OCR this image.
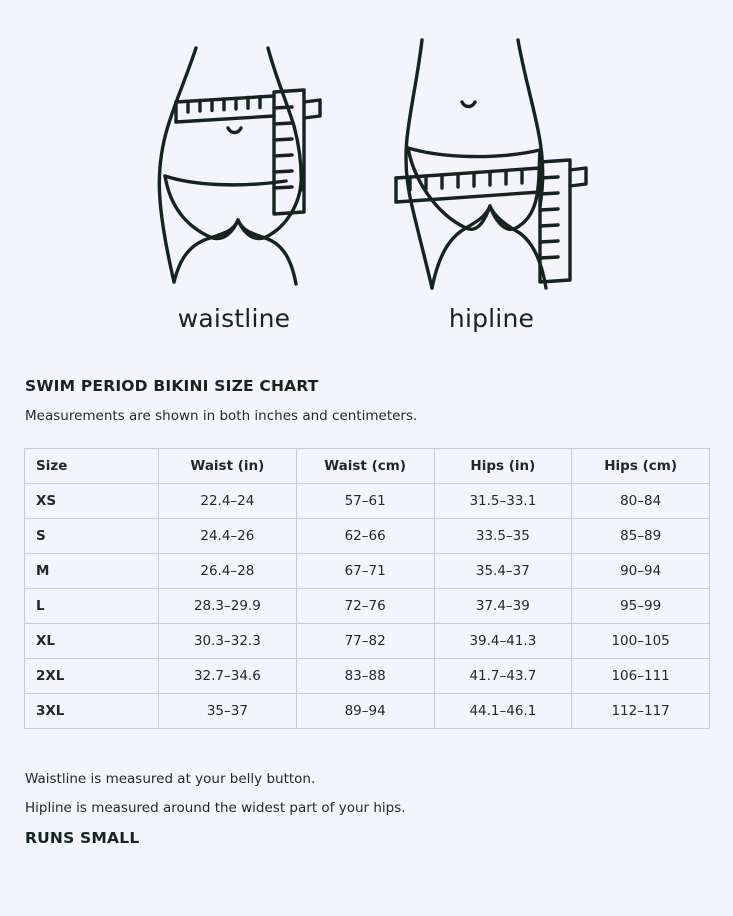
waistline	hipline
SWIM PERIOD BIKINI SIZE CHART

Measurements are shown in both inches and centimeters.

Size	Waist (in)	Waist (cm)	Hips (in)	Hips (cm)
XS	22.4–24	57–61	31.5–33.1	80–84
S	24.4–26	62–66	33.5–35	85–89
M	26.4–28	67–71	35.4–37	90–94
L	28.3–29.9	72–76	37.4–39	95–99
XL	30.3–32.3	77–82	39.4–41.3	100–105
2XL	32.7–34.6	83–88	41.7–43.7	106–111
3XL	35–37	89–94	44.1–46.1	112–117
Waistline is measured at your belly button.
Hipline is measured around the widest part of your hips.
RUNS SMALL
